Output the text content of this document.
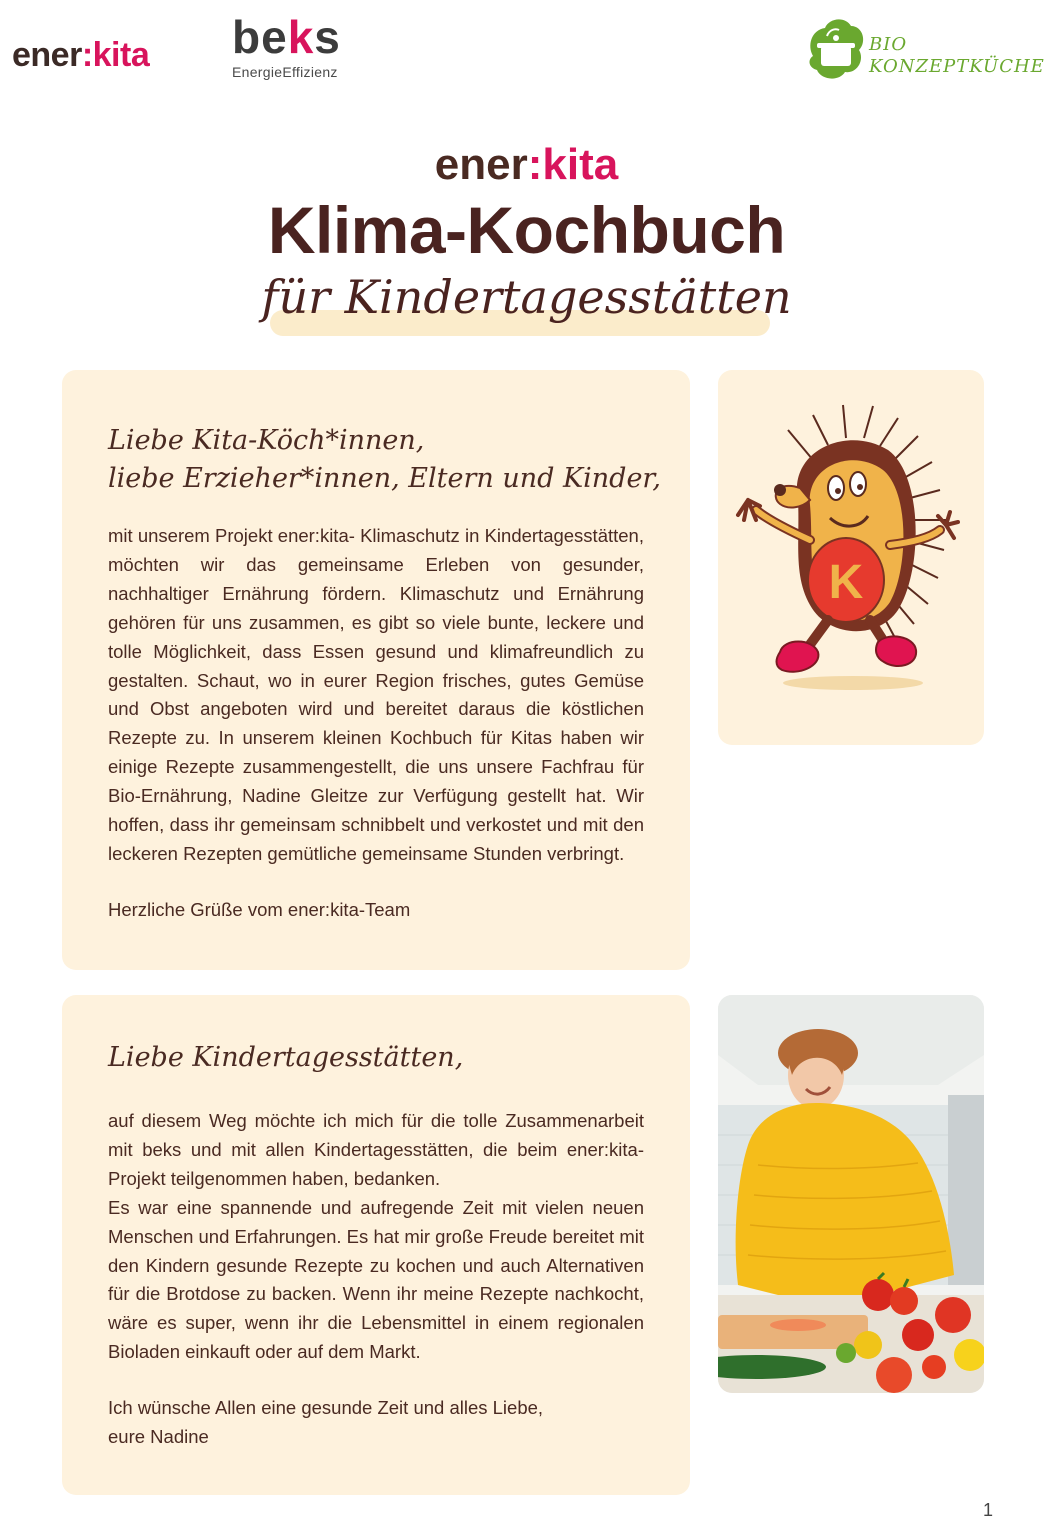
ener:kita beks
EnergieEffizienz
BIO
KONZEPTKÜCHE
ener:kita
Klima-Kochbuch
für Kindertagesstätten
Liebe Kita-Köch*innen,
liebe Erzieher*innen, Eltern und Kinder,

mit unserem Projekt ener:kita- Klimaschutz in Kindertagesstätten, möchten wir das gemeinsame Erleben von gesunder, nachhaltiger Ernährung fördern. Klimaschutz und Ernährung gehören für uns zusammen, es gibt so viele bunte, leckere und tolle Möglichkeit, dass Essen gesund und klimafreundlich zu gestalten. Schaut, wo in eurer Region frisches, gutes Gemüse und Obst angeboten wird und bereitet daraus die köstlichen Rezepte zu. In unserem kleinen Kochbuch für Kitas haben wir einige Rezepte zusammengestellt, die uns unsere Fachfrau für Bio-Ernährung, Nadine Gleitze zur Verfügung gestellt hat. Wir hoffen, dass ihr gemeinsam schnibbelt und verkostet und mit den leckeren Rezepten gemütliche gemeinsame Stunden verbringt.

Herzliche Grüße vom ener:kita-Team
K
Liebe Kindertagesstätten,

auf diesem Weg möchte ich mich für die tolle Zusammenarbeit mit beks und mit allen Kindertagesstätten, die beim ener:kita-Projekt teilgenommen haben, bedanken.

Es war eine spannende und aufregende Zeit mit vielen neuen Menschen und Erfahrungen. Es hat mir große Freude bereitet mit den Kindern gesunde Rezepte zu kochen und auch Alternativen für die Brotdose zu backen. Wenn ihr meine Rezepte nachkocht, wäre es super, wenn ihr die Lebensmittel in einem regionalen Bioladen einkauft oder auf dem Markt.

Ich wünsche Allen eine gesunde Zeit und alles Liebe,
eure Nadine
1
